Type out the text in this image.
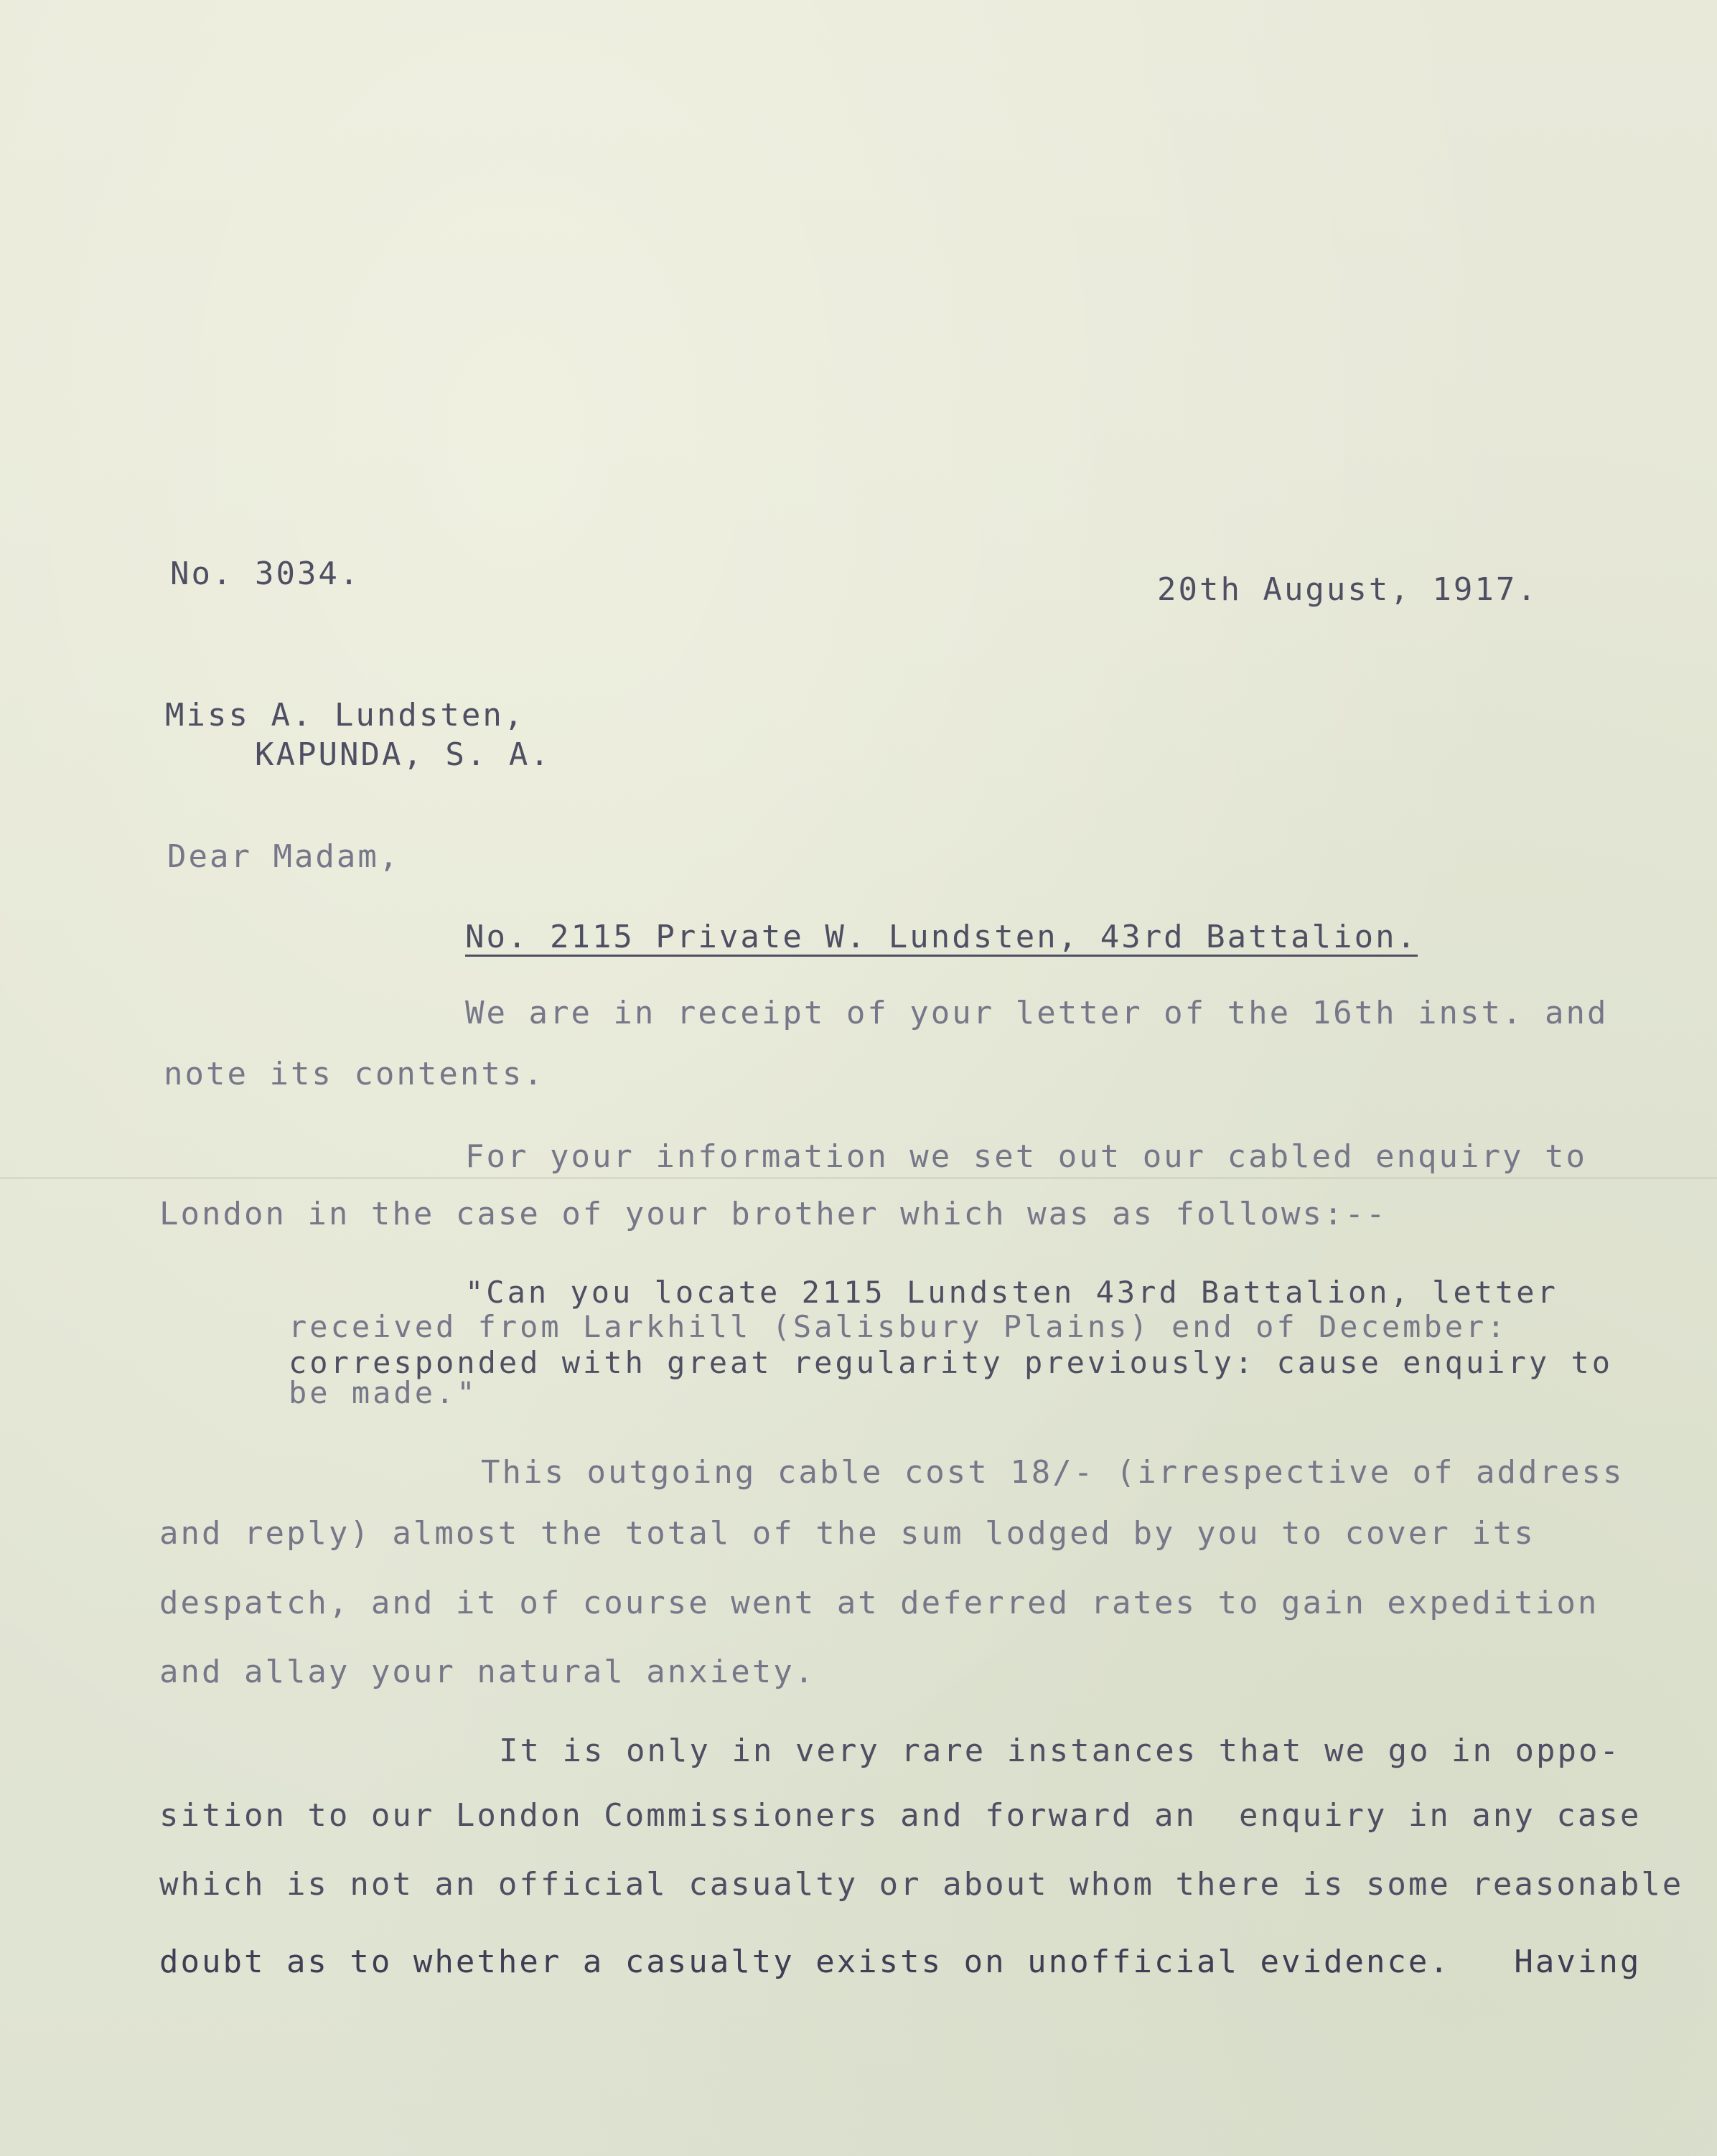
No. 3034.	20th August, 1917.
Miss A. Lundsten,
KAPUNDA, S. A.
Dear Madam,
No. 2115 Private W. Lundsten, 43rd Battalion.
We are in receipt of your letter of the 16th inst. and
note its contents.
For your information we set out our cabled enquiry to
London in the case of your brother which was as follows:--
"Can you locate 2115 Lundsten 43rd Battalion, letter
received from Larkhill (Salisbury Plains) end of December:
corresponded with great regularity previously: cause enquiry to
be made."
This outgoing cable cost 18/- (irrespective of address
and reply) almost the total of the sum lodged by you to cover its
despatch, and it of course went at deferred rates to gain expedition
and allay your natural anxiety.
It is only in very rare instances that we go in oppo-
sition to our London Commissioners and forward an  enquiry in any case
which is not an official casualty or about whom there is some reasonable
doubt as to whether a casualty exists on unofficial evidence.   Having
